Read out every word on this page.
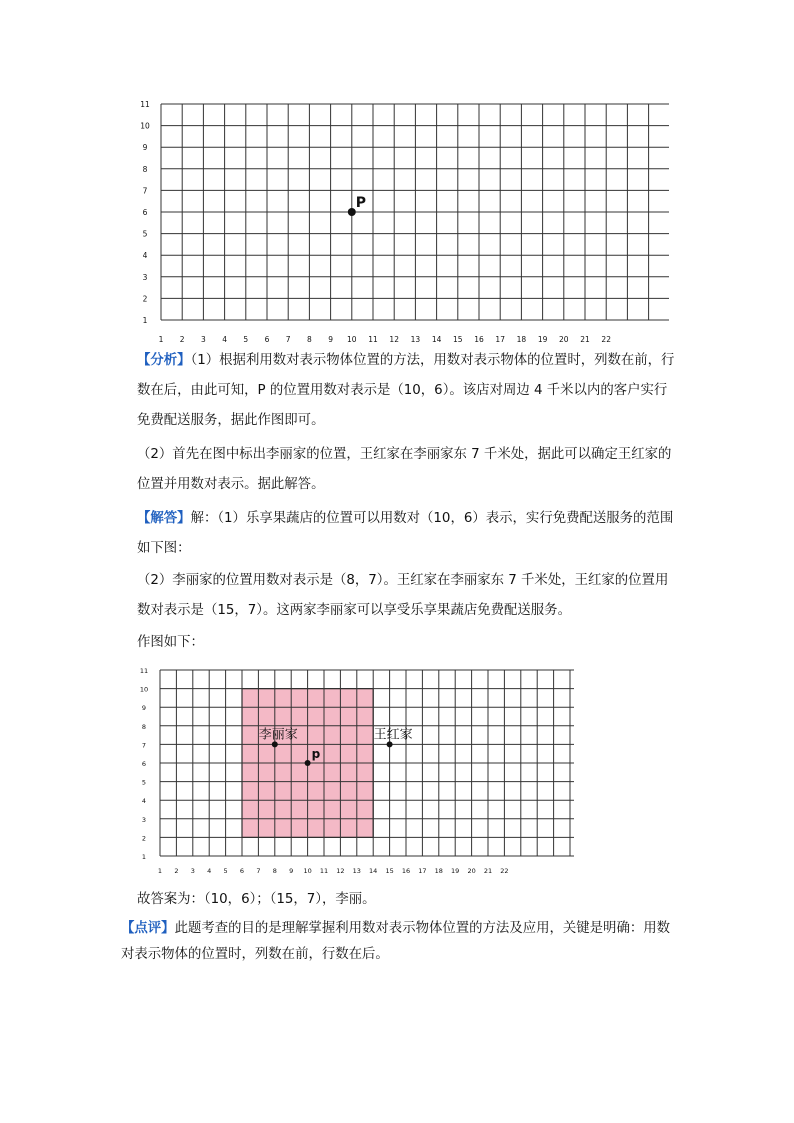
1
2
3
4
5
6
7
8
9
10
11
1 2 3 4 5 6 7 8 9 10 11 12 13 14 15 16 17 18 19 20 21 22
P
【分析】（1）根据利用数对表示物体位置的方法，用数对表示物体的位置时，列数在前，行数在后，由此可知，P 的位置用数对表示是（10，6）。该店对周边 4 千米以内的客户实行免费配送服务，据此作图即可。
（2）首先在图中标出李丽家的位置，王红家在李丽家东 7 千米处，据此可以确定王红家的位置并用数对表示。据此解答。
【解答】解：（1）乐享果蔬店的位置可以用数对（10，6）表示，实行免费配送服务的范围如下图：
（2）李丽家的位置用数对表示是（8，7）。王红家在李丽家东 7 千米处，王红家的位置用数对表示是（15，7）。这两家李丽家可以享受乐享果蔬店免费配送服务。
作图如下：
1
2
3
4
5
6
7
8
9
10
11
1 2 3 4 5 6 7 8 9 10 11 12 13 14 15 16 17 18 19 20 21 22
李丽家
p
王红家
故答案为：（10，6）；（15，7），李丽。
【点评】此题考查的目的是理解掌握利用数对表示物体位置的方法及应用，关键是明确：用数对表示物体的位置时，列数在前，行数在后。
